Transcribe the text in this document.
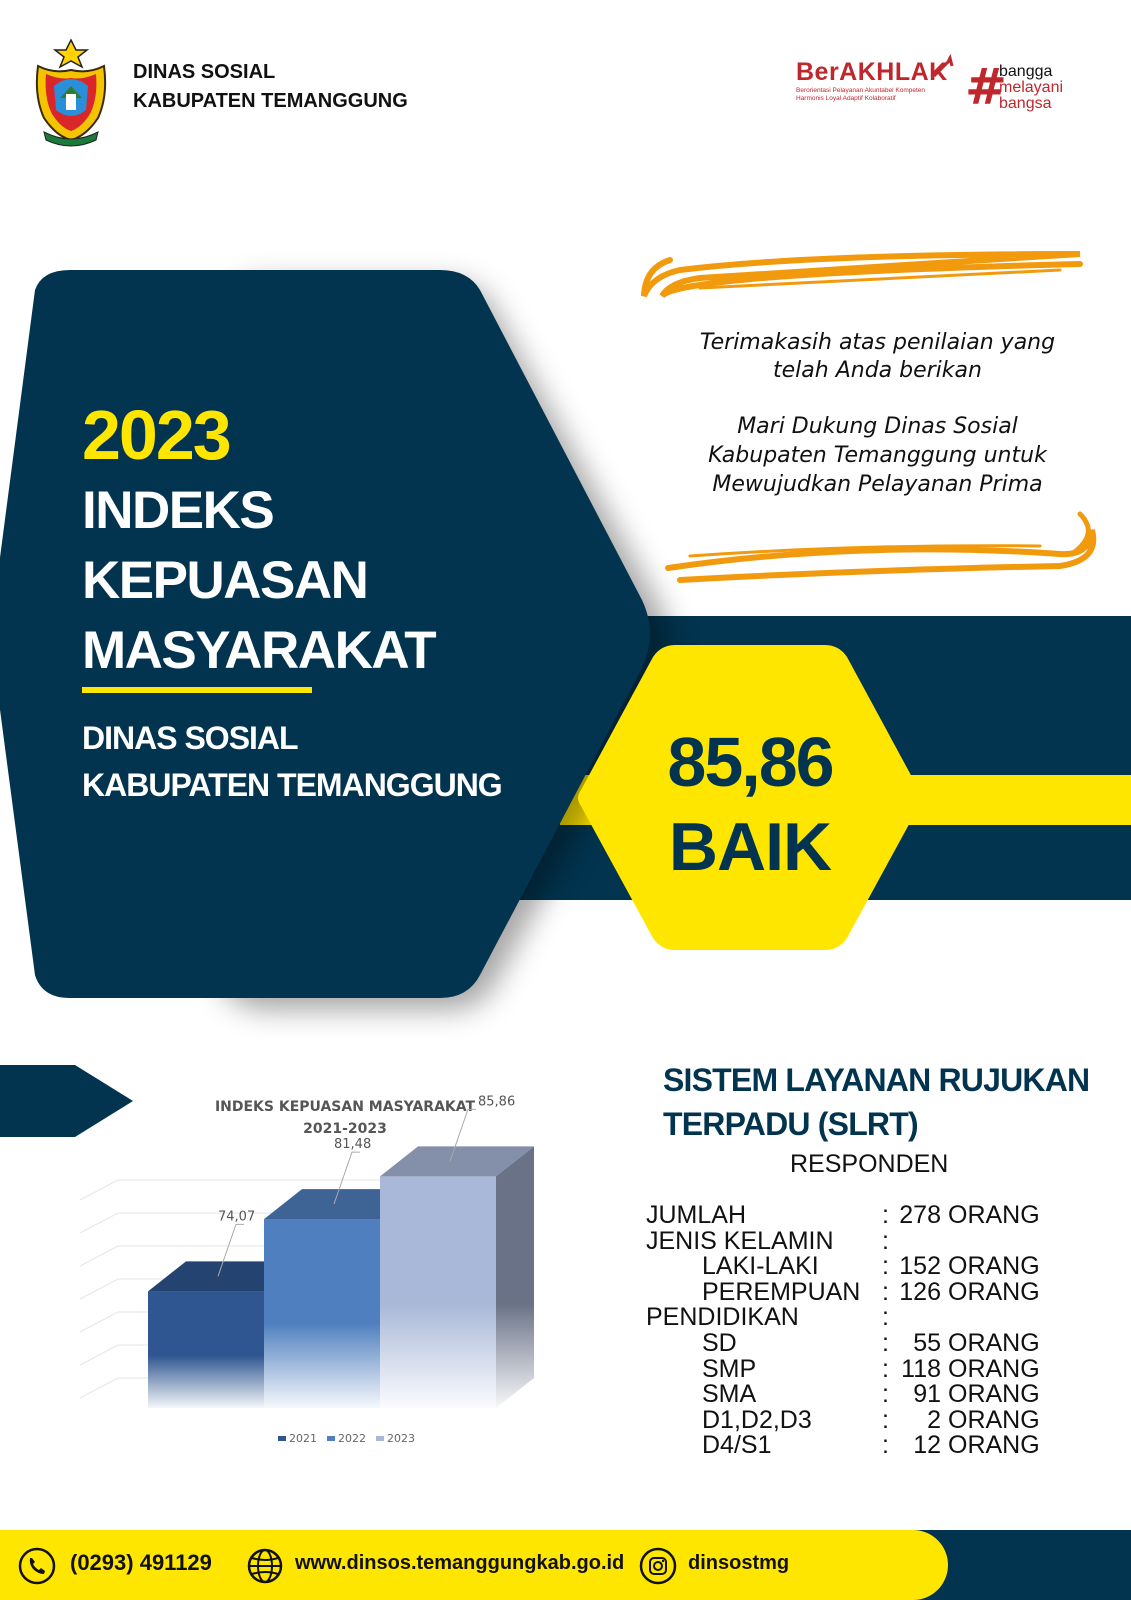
DINAS SOSIAL
KABUPATEN TEMANGGUNG
BerAKHLAK
Berorientasi Pelayanan Akuntabel Kompeten
Harmonis Loyal Adaptif Kolaboratif	#
bangga
melayani
bangsa
2023
INDEKS
KEPUASAN
MASYARAKAT
DINAS SOSIAL
KABUPATEN TEMANGGUNG	85,86
BAIK
Terimakasih atas penilaian yang
telah Anda berikan
Mari Dukung Dinas Sosial
Kabupaten Temanggung untuk
Mewujudkan Pelayanan Prima
INDEKS KEPUASAN MASYARAKAT
2021-2023
74,07
81,48
85,86
2021 2022 2023
SISTEM LAYANAN RUJUKAN
TERPADU (SLRT)
RESPONDEN
JUMLAH	: 278 ORANG
JENIS KELAMIN :
LAKI-LAKI	: 152 ORANG
PEREMPUAN : 126 ORANG
PENDIDIKAN	:
SD	: 55 ORANG
SMP	: 118 ORANG
SMA	: 91 ORANG
D1,D2,D3	:	2 ORANG
D4/S1	: 12 ORANG
(0293) 491129	www.dinsos.temanggungkab.go.id	dinsostmg
